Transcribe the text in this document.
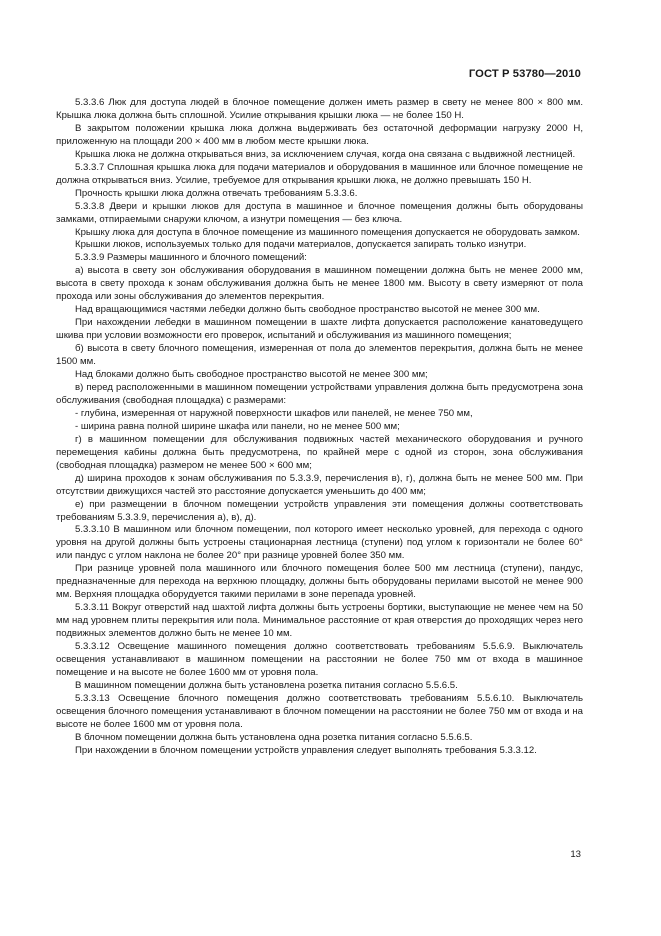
ГОСТ Р 53780—2010

5.3.3.6 Люк для доступа людей в блочное помещение должен иметь размер в свету не менее 800 × 800 мм. Крышка люка должна быть сплошной. Усилие открывания крышки люка — не более 150 Н.

В закрытом положении крышка люка должна выдерживать без остаточной деформации нагрузку 2000 Н, приложенную на площади 200 × 400 мм в любом месте крышки люка.

Крышка люка не должна открываться вниз, за исключением случая, когда она связана с выдвижной лестницей.

5.3.3.7 Сплошная крышка люка для подачи материалов и оборудования в машинное или блочное помещение не должна открываться вниз. Усилие, требуемое для открывания крышки люка, не должно превышать 150 Н.

Прочность крышки люка должна отвечать требованиям 5.3.3.6.

5.3.3.8 Двери и крышки люков для доступа в машинное и блочное помещения должны быть оборудованы замками, отпираемыми снаружи ключом, а изнутри помещения — без ключа.

Крышку люка для доступа в блочное помещение из машинного помещения допускается не оборудовать замком.

Крышки люков, используемых только для подачи материалов, допускается запирать только изнутри.

5.3.3.9 Размеры машинного и блочного помещений:

а) высота в свету зон обслуживания оборудования в машинном помещении должна быть не менее 2000 мм, высота в свету прохода к зонам обслуживания должна быть не менее 1800 мм. Высоту в свету измеряют от пола прохода или зоны обслуживания до элементов перекрытия.

Над вращающимися частями лебедки должно быть свободное пространство высотой не менее 300 мм.

При нахождении лебедки в машинном помещении в шахте лифта допускается расположение канатоведущего шкива при условии возможности его проверок, испытаний и обслуживания из машинного помещения;

б) высота в свету блочного помещения, измеренная от пола до элементов перекрытия, должна быть не менее 1500 мм.

Над блоками должно быть свободное пространство высотой не менее 300 мм;

в) перед расположенными в машинном помещении устройствами управления должна быть предусмотрена зона обслуживания (свободная площадка) с размерами:

- глубина, измеренная от наружной поверхности шкафов или панелей, не менее 750 мм,

- ширина равна полной ширине шкафа или панели, но не менее 500 мм;

г) в машинном помещении для обслуживания подвижных частей механического оборудования и ручного перемещения кабины должна быть предусмотрена, по крайней мере с одной из сторон, зона обслуживания (свободная площадка) размером не менее 500 × 600 мм;

д) ширина проходов к зонам обслуживания по 5.3.3.9, перечисления в), г), должна быть не менее 500 мм. При отсутствии движущихся частей это расстояние допускается уменьшить до 400 мм;

е) при размещении в блочном помещении устройств управления эти помещения должны соответствовать требованиям 5.3.3.9, перечисления а), в), д).

5.3.3.10 В машинном или блочном помещении, пол которого имеет несколько уровней, для перехода с одного уровня на другой должны быть устроены стационарная лестница (ступени) под углом к горизонтали не более 60° или пандус с углом наклона не более 20° при разнице уровней более 350 мм.

При разнице уровней пола машинного или блочного помещения более 500 мм лестница (ступени), пандус, предназначенные для перехода на верхнюю площадку, должны быть оборудованы перилами высотой не менее 900 мм. Верхняя площадка оборудуется такими перилами в зоне перепада уровней.

5.3.3.11 Вокруг отверстий над шахтой лифта должны быть устроены бортики, выступающие не менее чем на 50 мм над уровнем плиты перекрытия или пола. Минимальное расстояние от края отверстия до проходящих через него подвижных элементов должно быть не менее 10 мм.

5.3.3.12 Освещение машинного помещения должно соответствовать требованиям 5.5.6.9. Выключатель освещения устанавливают в машинном помещении на расстоянии не более 750 мм от входа в машинное помещение и на высоте не более 1600 мм от уровня пола.

В машинном помещении должна быть установлена розетка питания согласно 5.5.6.5.

5.3.3.13 Освещение блочного помещения должно соответствовать требованиям 5.5.6.10. Выключатель освещения блочного помещения устанавливают в блочном помещении на расстоянии не более 750 мм от входа и на высоте не более 1600 мм от уровня пола.

В блочном помещении должна быть установлена одна розетка питания согласно 5.5.6.5.

При нахождении в блочном помещении устройств управления следует выполнять требования 5.3.3.12.

13
